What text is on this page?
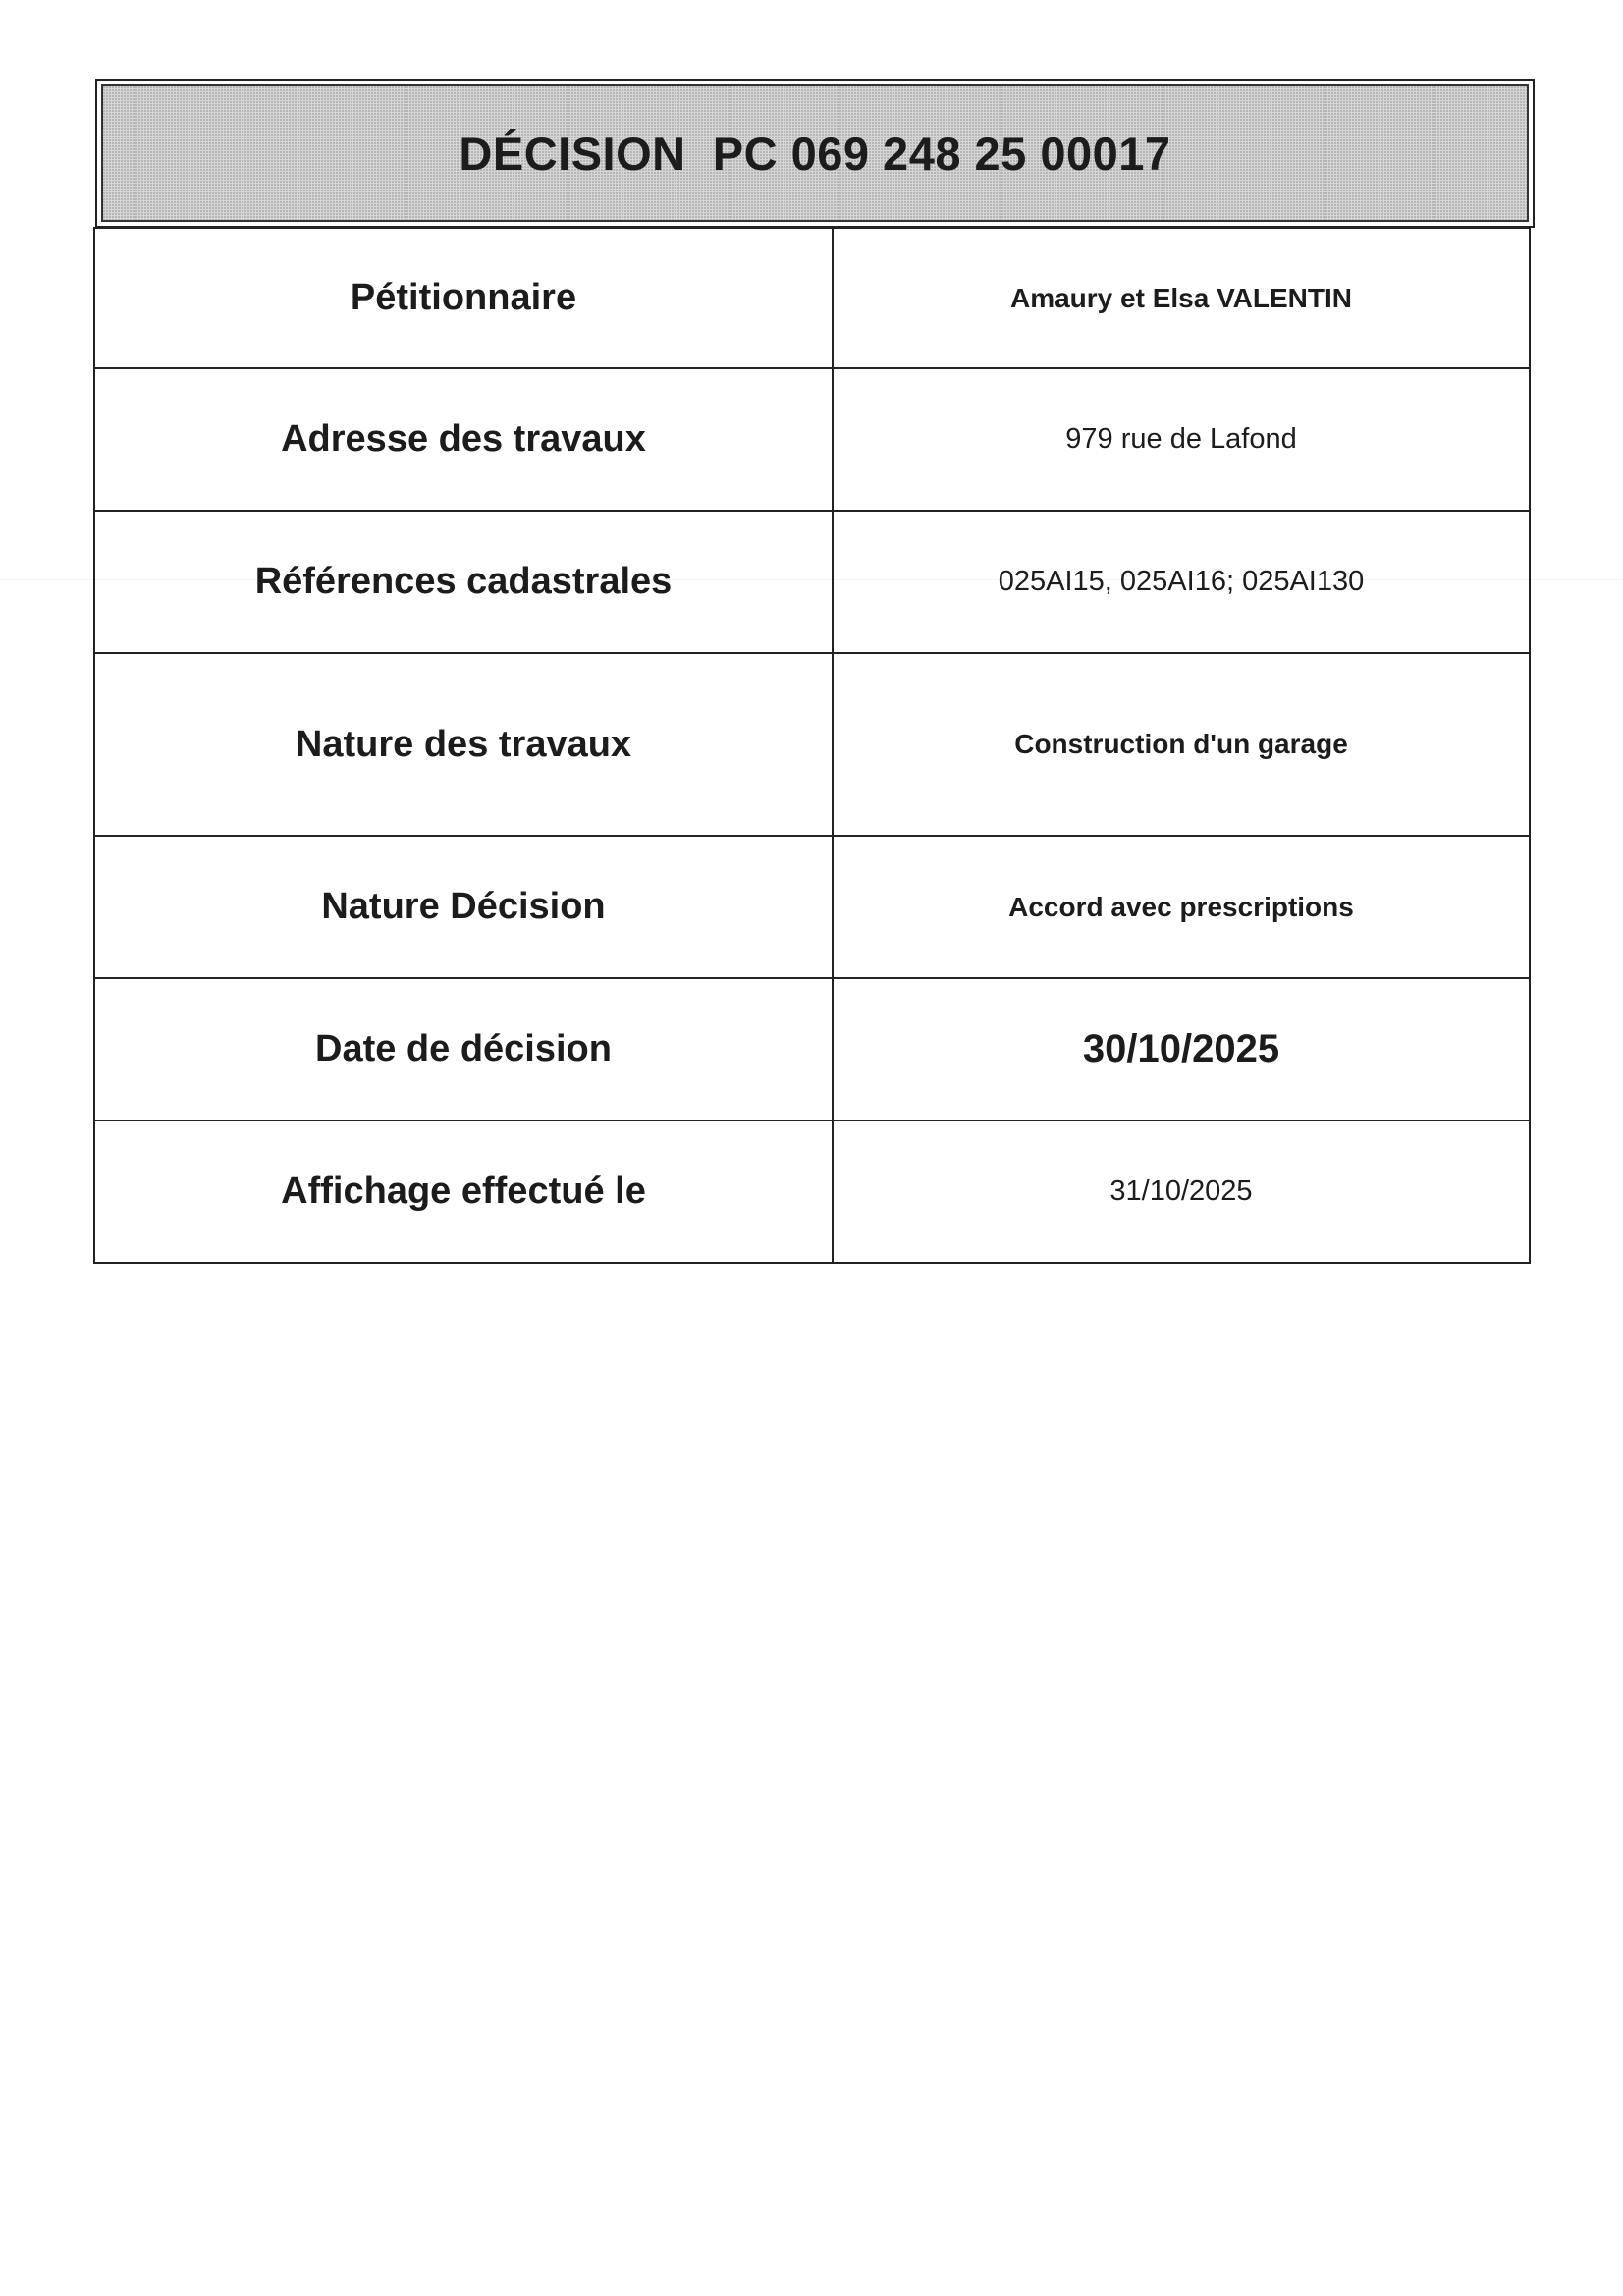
DÉCISION  PC 069 248 25 00017
Pétitionnaire	Amaury et Elsa VALENTIN
Adresse des travaux	979 rue de Lafond
Références cadastrales	025AI15, 025AI16; 025AI130
Nature des travaux	Construction d'un garage
Nature Décision	Accord avec prescriptions
Date de décision	30/10/2025
Affichage effectué le	31/10/2025
